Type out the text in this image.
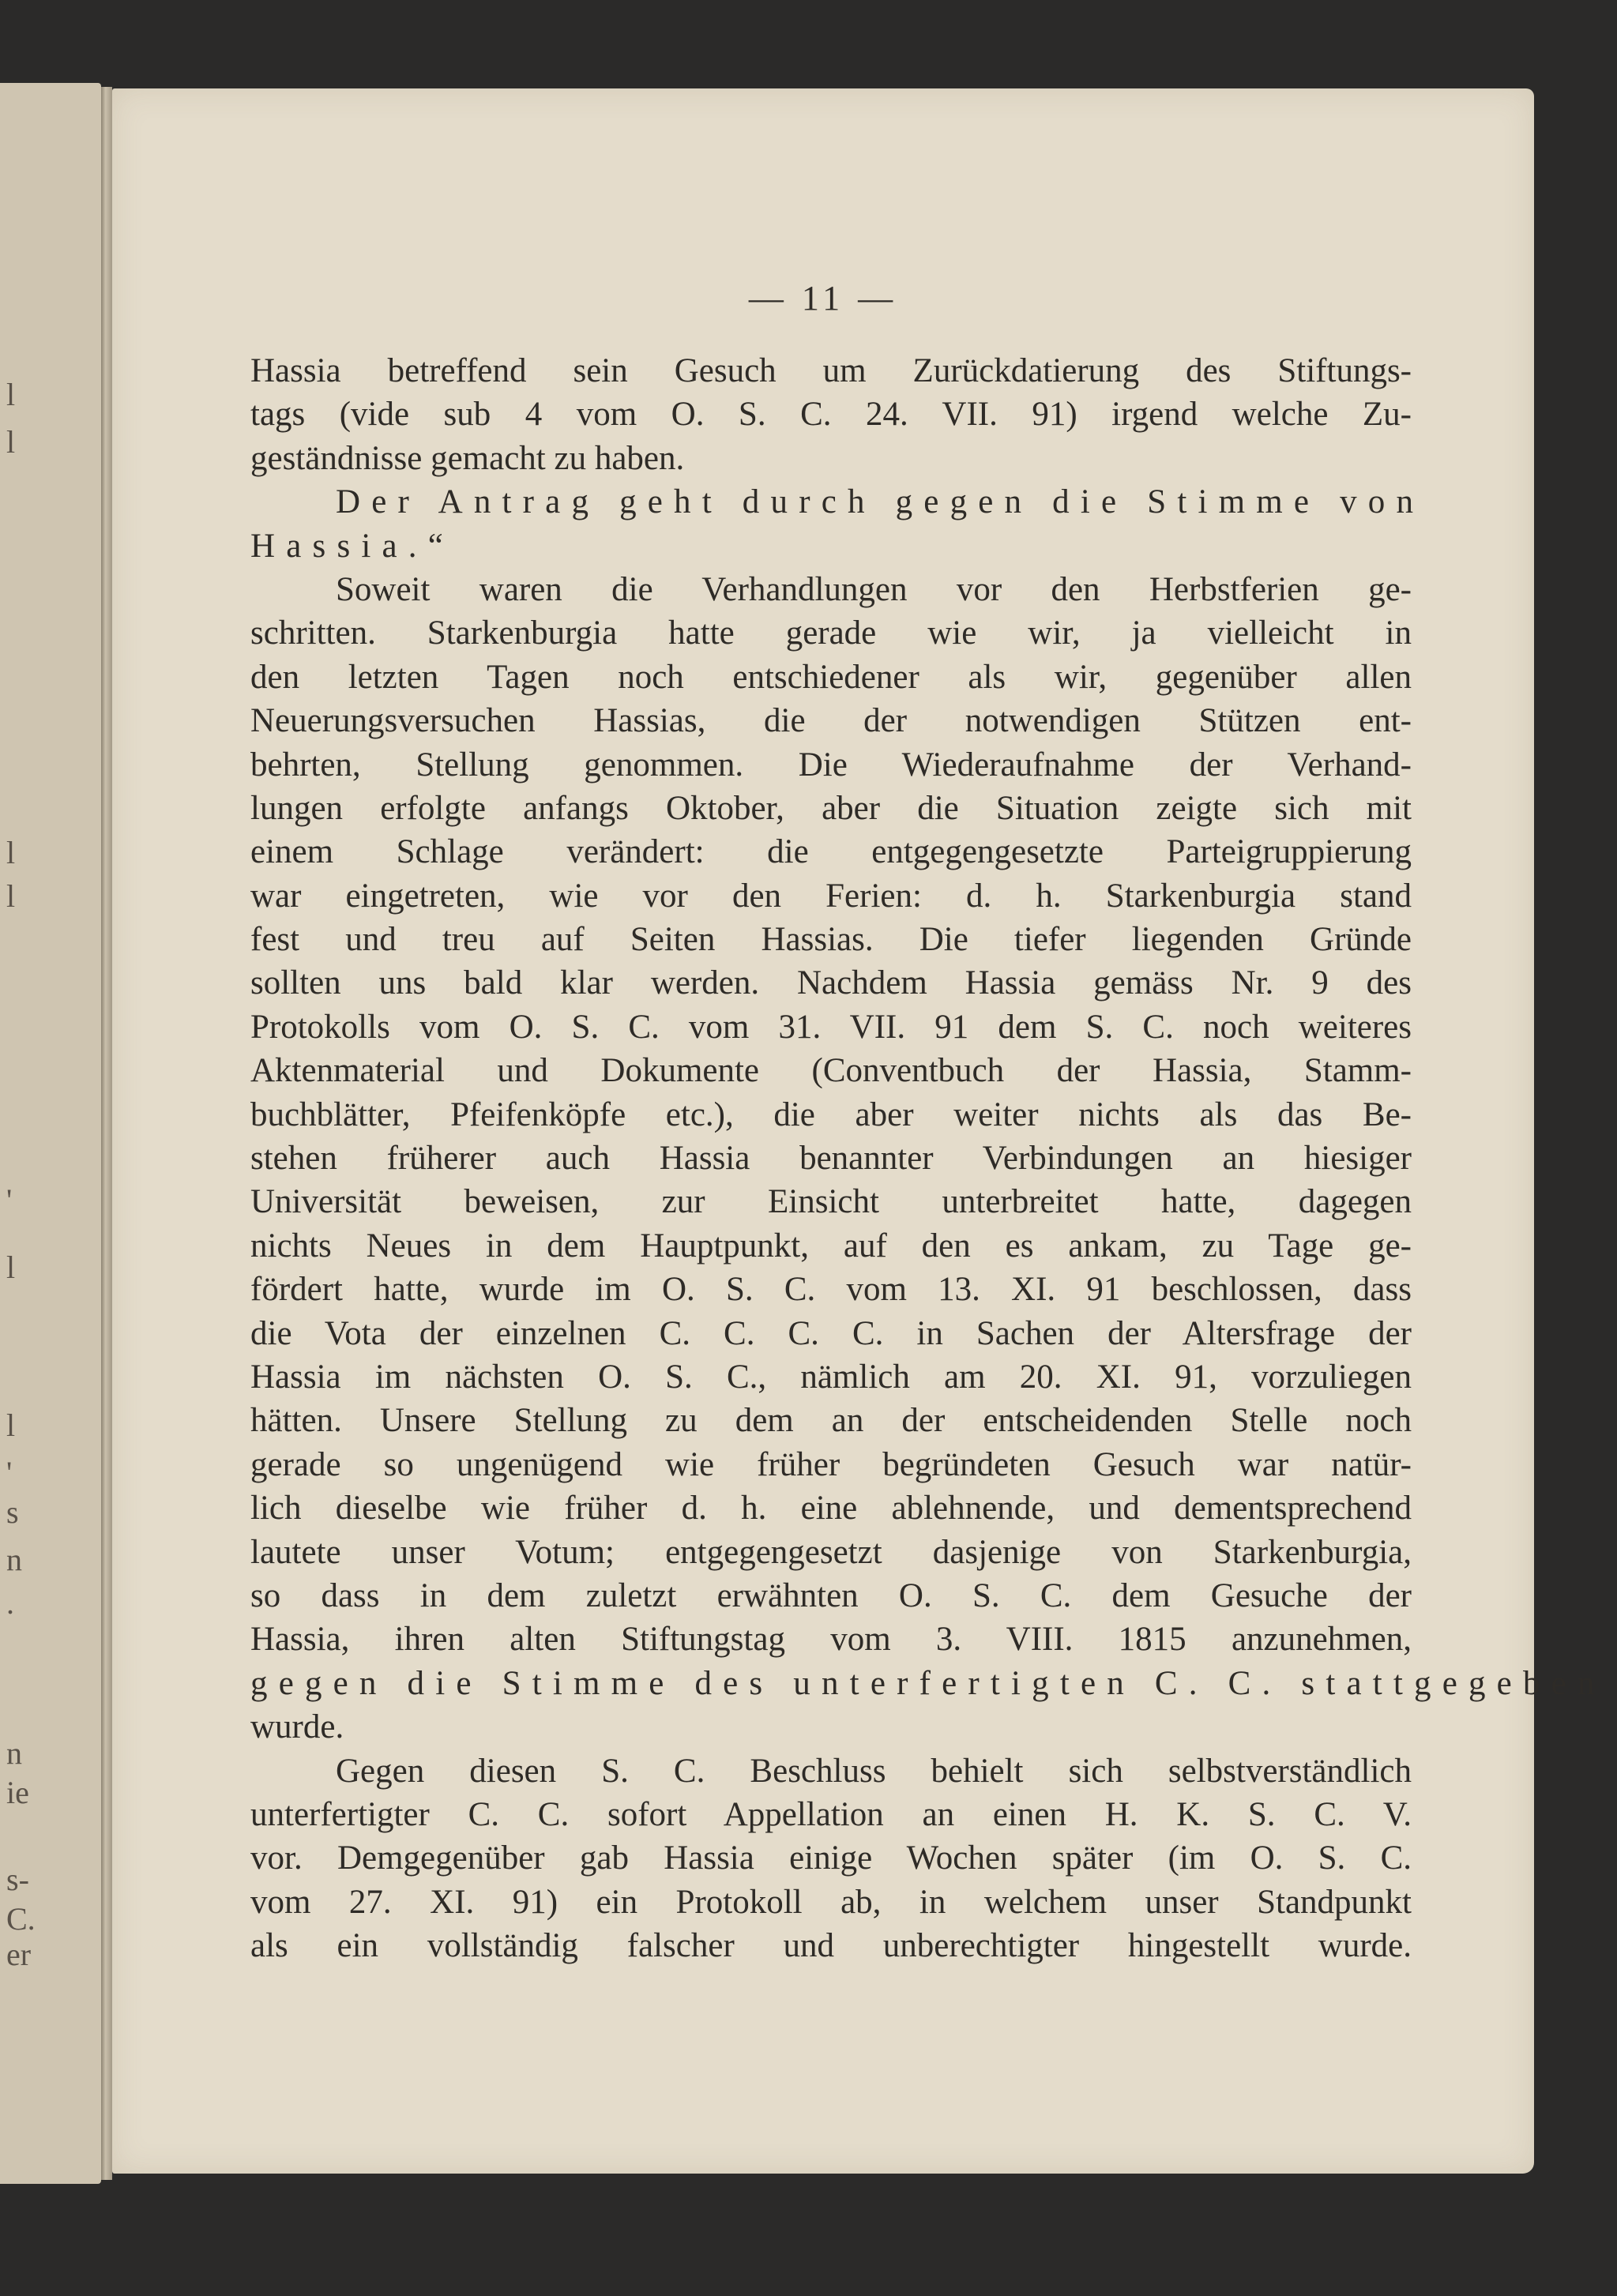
l
l
l
l
'
l
l
'
s
n
.
n
ie
s-
C.
er
— 11 —
Hassia betreffend sein Gesuch um Zurückdatierung des Stiftungs-
tags (vide sub 4 vom O. S. C. 24. VII. 91) irgend welche Zu-
geständnisse gemacht zu haben.
Der Antrag geht durch gegen die Stimme von
Hassia.“
Soweit waren die Verhandlungen vor den Herbstferien ge-
schritten. Starkenburgia hatte gerade wie wir, ja vielleicht in
den letzten Tagen noch entschiedener als wir, gegenüber allen
Neuerungsversuchen Hassias, die der notwendigen Stützen ent-
behrten, Stellung genommen. Die Wiederaufnahme der Verhand-
lungen erfolgte anfangs Oktober, aber die Situation zeigte sich mit
einem Schlage verändert: die entgegengesetzte Parteigruppierung
war eingetreten, wie vor den Ferien: d. h. Starkenburgia stand
fest und treu auf Seiten Hassias. Die tiefer liegenden Gründe
sollten uns bald klar werden. Nachdem Hassia gemäss Nr. 9 des
Protokolls vom O. S. C. vom 31. VII. 91 dem S. C. noch weiteres
Aktenmaterial und Dokumente (Conventbuch der Hassia, Stamm-
buchblätter, Pfeifenköpfe etc.), die aber weiter nichts als das Be-
stehen früherer auch Hassia benannter Verbindungen an hiesiger
Universität beweisen, zur Einsicht unterbreitet hatte, dagegen
nichts Neues in dem Hauptpunkt, auf den es ankam, zu Tage ge-
fördert hatte, wurde im O. S. C. vom 13. XI. 91 beschlossen, dass
die Vota der einzelnen C. C. C. C. in Sachen der Altersfrage der
Hassia im nächsten O. S. C., nämlich am 20. XI. 91, vorzuliegen
hätten. Unsere Stellung zu dem an der entscheidenden Stelle noch
gerade so ungenügend wie früher begründeten Gesuch war natür-
lich dieselbe wie früher d. h. eine ablehnende, und dementsprechend
lautete unser Votum; entgegengesetzt dasjenige von Starkenburgia,
so dass in dem zuletzt erwähnten O. S. C. dem Gesuche der
Hassia, ihren alten Stiftungstag vom 3. VIII. 1815 anzunehmen,
gegen die Stimme des unterfertigten C. C. stattgegeben
wurde.
Gegen diesen S. C. Beschluss behielt sich selbstverständlich
unterfertigter C. C. sofort Appellation an einen H. K. S. C. V.
vor. Demgegenüber gab Hassia einige Wochen später (im O. S. C.
vom 27. XI. 91) ein Protokoll ab, in welchem unser Standpunkt
als ein vollständig falscher und unberechtigter hingestellt wurde.
